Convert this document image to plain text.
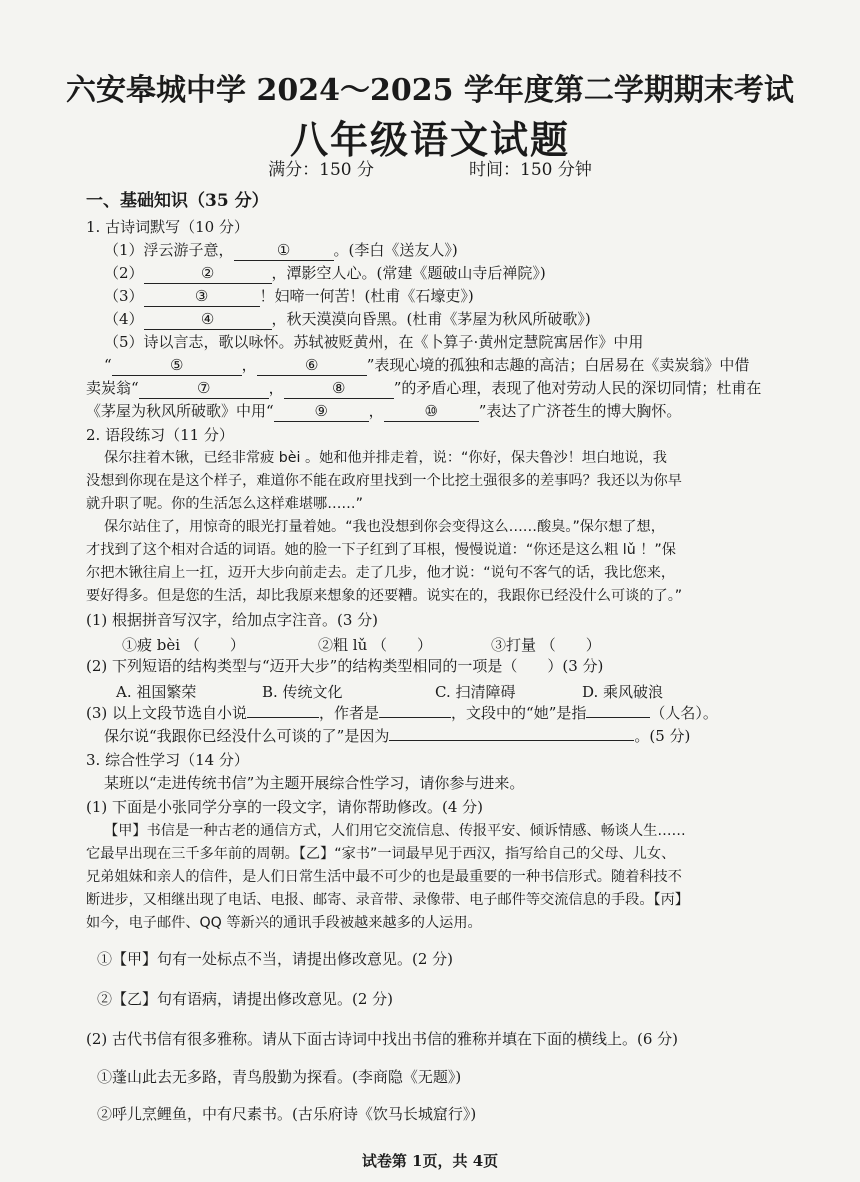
六安皋城中学 2024～2025 学年度第二学期期末考试
八年级语文试题
满分：150 分	时间：150 分钟
一、基础知识（35 分）
1. 古诗词默写（10 分）
（1）浮云游子意，	①	。(李白《送友人》)
（2）	②	，潭影空人心。(常建《题破山寺后禅院》)
（3）	③	！妇啼一何苦！(杜甫《石壕吏》)
（4）	④	，秋天漠漠向昏黑。(杜甫《茅屋为秋风所破歌》)
（5）诗以言志，歌以咏怀。苏轼被贬黄州，在《卜算子·黄州定慧院寓居作》中用
“	⑤	，	⑥	”表现心境的孤独和志趣的高洁；白居易在《卖炭翁》中借
卖炭翁“	⑦	，	⑧	”的矛盾心理，表现了他对劳动人民的深切同情；杜甫在
《茅屋为秋风所破歌》中用“	⑨	，	⑩	”表达了广济苍生的博大胸怀。
2. 语段练习（11 分）
保尔拄着木锹，已经非常疲 bèi 。她和他并排走着，说：“你好，保夫鲁沙！坦白地说，我
没想到你现在是这个样子，难道你不能在政府里找到一个比挖土强很多的差事吗？我还以为你早
就升职了呢。你的生活怎么这样难堪哪……”
保尔站住了，用惊奇的眼光打量着她。“我也没想到你会变得这么……酸臭。”保尔想了想，
才找到了这个相对合适的词语。她的脸一下子红到了耳根，慢慢说道：“你还是这么粗 lǔ ！”保
尔把木锹往肩上一扛，迈开大步向前走去。走了几步，他才说：“说句不客气的话，我比您来，
要好得多。但是您的生活，却比我原来想象的还要糟。说实在的，我跟你已经没什么可谈的了。”
(1) 根据拼音写汉字，给加点字注音。(3 分)
①疲 bèi （　　）	②粗 lǔ （　　）	③打量 （　　）
(2) 下列短语的结构类型与“迈开大步”的结构类型相同的一项是（　　）(3 分)
A. 祖国繁荣	B. 传统文化	C. 扫清障碍	D. 乘风破浪
(3) 以上文段节选自小说	，作者是	，文段中的“她”是指	（人名）。
保尔说“我跟你已经没什么可谈的了”是因为	。(5 分)
3. 综合性学习（14 分）
某班以“走进传统书信”为主题开展综合性学习，请你参与进来。
(1) 下面是小张同学分享的一段文字，请你帮助修改。(4 分)
【甲】书信是一种古老的通信方式，人们用它交流信息、传报平安、倾诉情感、畅谈人生……
它最早出现在三千多年前的周朝。【乙】“家书”一词最早见于西汉，指写给自己的父母、儿女、
兄弟姐妹和亲人的信件，是人们日常生活中最不可少的也是最重要的一种书信形式。随着科技不
断进步，又相继出现了电话、电报、邮寄、录音带、录像带、电子邮件等交流信息的手段。【丙】
如今，电子邮件、QQ 等新兴的通讯手段被越来越多的人运用。
①【甲】句有一处标点不当，请提出修改意见。(2 分)
②【乙】句有语病，请提出修改意见。(2 分)
(2) 古代书信有很多雅称。请从下面古诗词中找出书信的雅称并填在下面的横线上。(6 分)
①蓬山此去无多路，青鸟殷勤为探看。(李商隐《无题》)
②呼儿烹鲤鱼，中有尺素书。(古乐府诗《饮马长城窟行》)
试卷第 1页，共 4页
